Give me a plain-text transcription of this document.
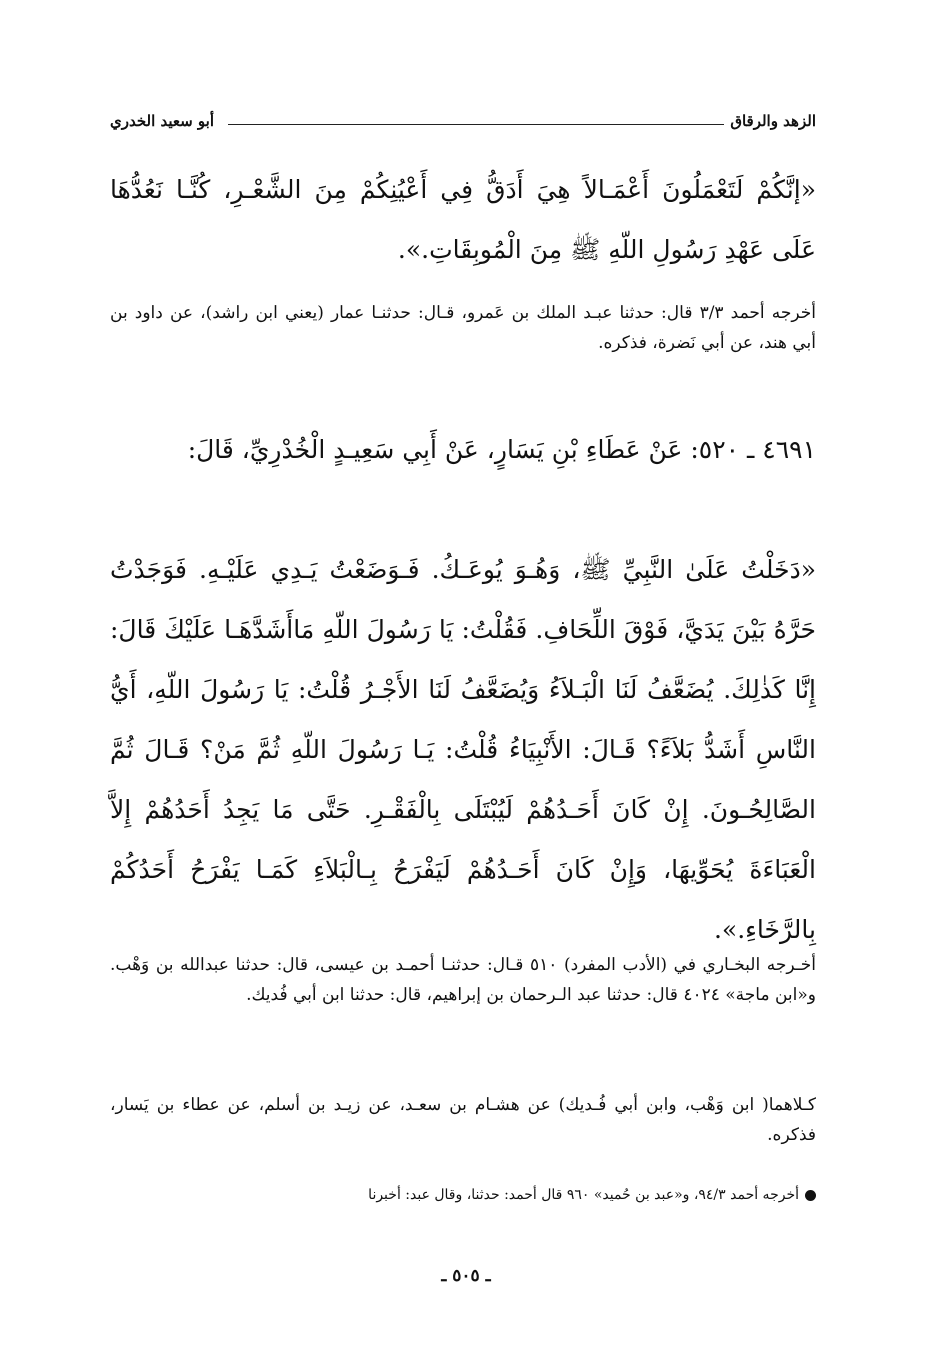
الزهد والرقاق
أبو سعيد الخدري

«إنَّكُمْ لَتَعْمَلُونَ أَعْمَـالاً هِيَ أَدَقُّ فِي أَعْيُنِكُمْ مِنَ الشَّعْـرِ، كُنَّـا نَعُدُّهَا عَلَى عَهْدِ رَسُولِ اللّهِ ﷺ مِنَ الْمُوبِقَاتِ.».

أخرجه أحمد ٣/٣ قال: حدثنا عبـد الملك بن عَمرو، قـال: حدثنـا عمار (يعني ابن راشد)، عن داود بن أبي هند، عن أبي نَضرة، فذكره.

٤٦٩١ ـ ٥٢٠: عَنْ عَطَاءِ بْنِ يَسَارٍ، عَنْ أَبِي سَعِيـدٍ الْخُدْرِيِّ، قَالَ:

«دَخَلْتُ عَلَىٰ النَّبِيِّ ﷺ، وَهُـوَ يُوعَـكُ. فَـوَضَعْتُ يَـدِي عَلَيْـهِ. فَوَجَدْتُ حَرَّهُ بَيْنَ يَدَيَّ، فَوْقَ اللِّحَافِ. فَقُلْتُ: يَا رَسُولَ اللّهِ مَاأَشَدَّهَـا عَلَيْكَ قَالَ: إِنَّا كَذٰلِكَ. يُضَعَّفُ لَنَا الْبَـلاَءُ وَيُضَعَّفُ لَنَا الأَجْـرُ قُلْتُ: يَا رَسُولَ اللّهِ، أَيُّ النَّاسِ أَشَدُّ بَلاَءً؟ قَـالَ: الأَنْبِيَاءُ قُلْتُ: يَـا رَسُولَ اللّهِ ثُمَّ مَنْ؟ قَـالَ ثُمَّ الصَّالِحُـونَ. إِنْ كَانَ أَحَـدُهُمْ لَيُبْتَلَى بِالْفَقْـرِ. حَتَّى مَا يَجِدُ أَحَدُهُمْ إِلاَّ الْعَبَاءَةَ يُحَوِّيهَا، وَإِنْ كَانَ أَحَـدُهُمْ لَيَفْرَحُ بِـالْبَلاَءِ كَمَـا يَفْرَحُ أَحَدُكُمْ بِالرَّخَاءِ.».

أخـرجه البخـاري في (الأدب المفرد) ٥١٠ قـال: حدثنـا أحمـد بن عيسى، قال: حدثنا عبدالله بن وَهْب. و«ابن ماجة» ٤٠٢٤ قال: حدثنا عبد الـرحمان بن إبراهيم، قال: حدثنا ابن أبي فُديك.

كـلاهما( ابن وَهْب، وابن أبي فُـديك) عن هشـام بن سعـد، عن زيـد بن أسلم، عن عطاء بن يَسار، فذكره.

أخرجه أحمد ٩٤/٣، و«عبد بن حُميد» ٩٦٠ قال أحمد: حدثنا، وقال عبد: أخبرنا

ـ ٥٠٥ ـ
